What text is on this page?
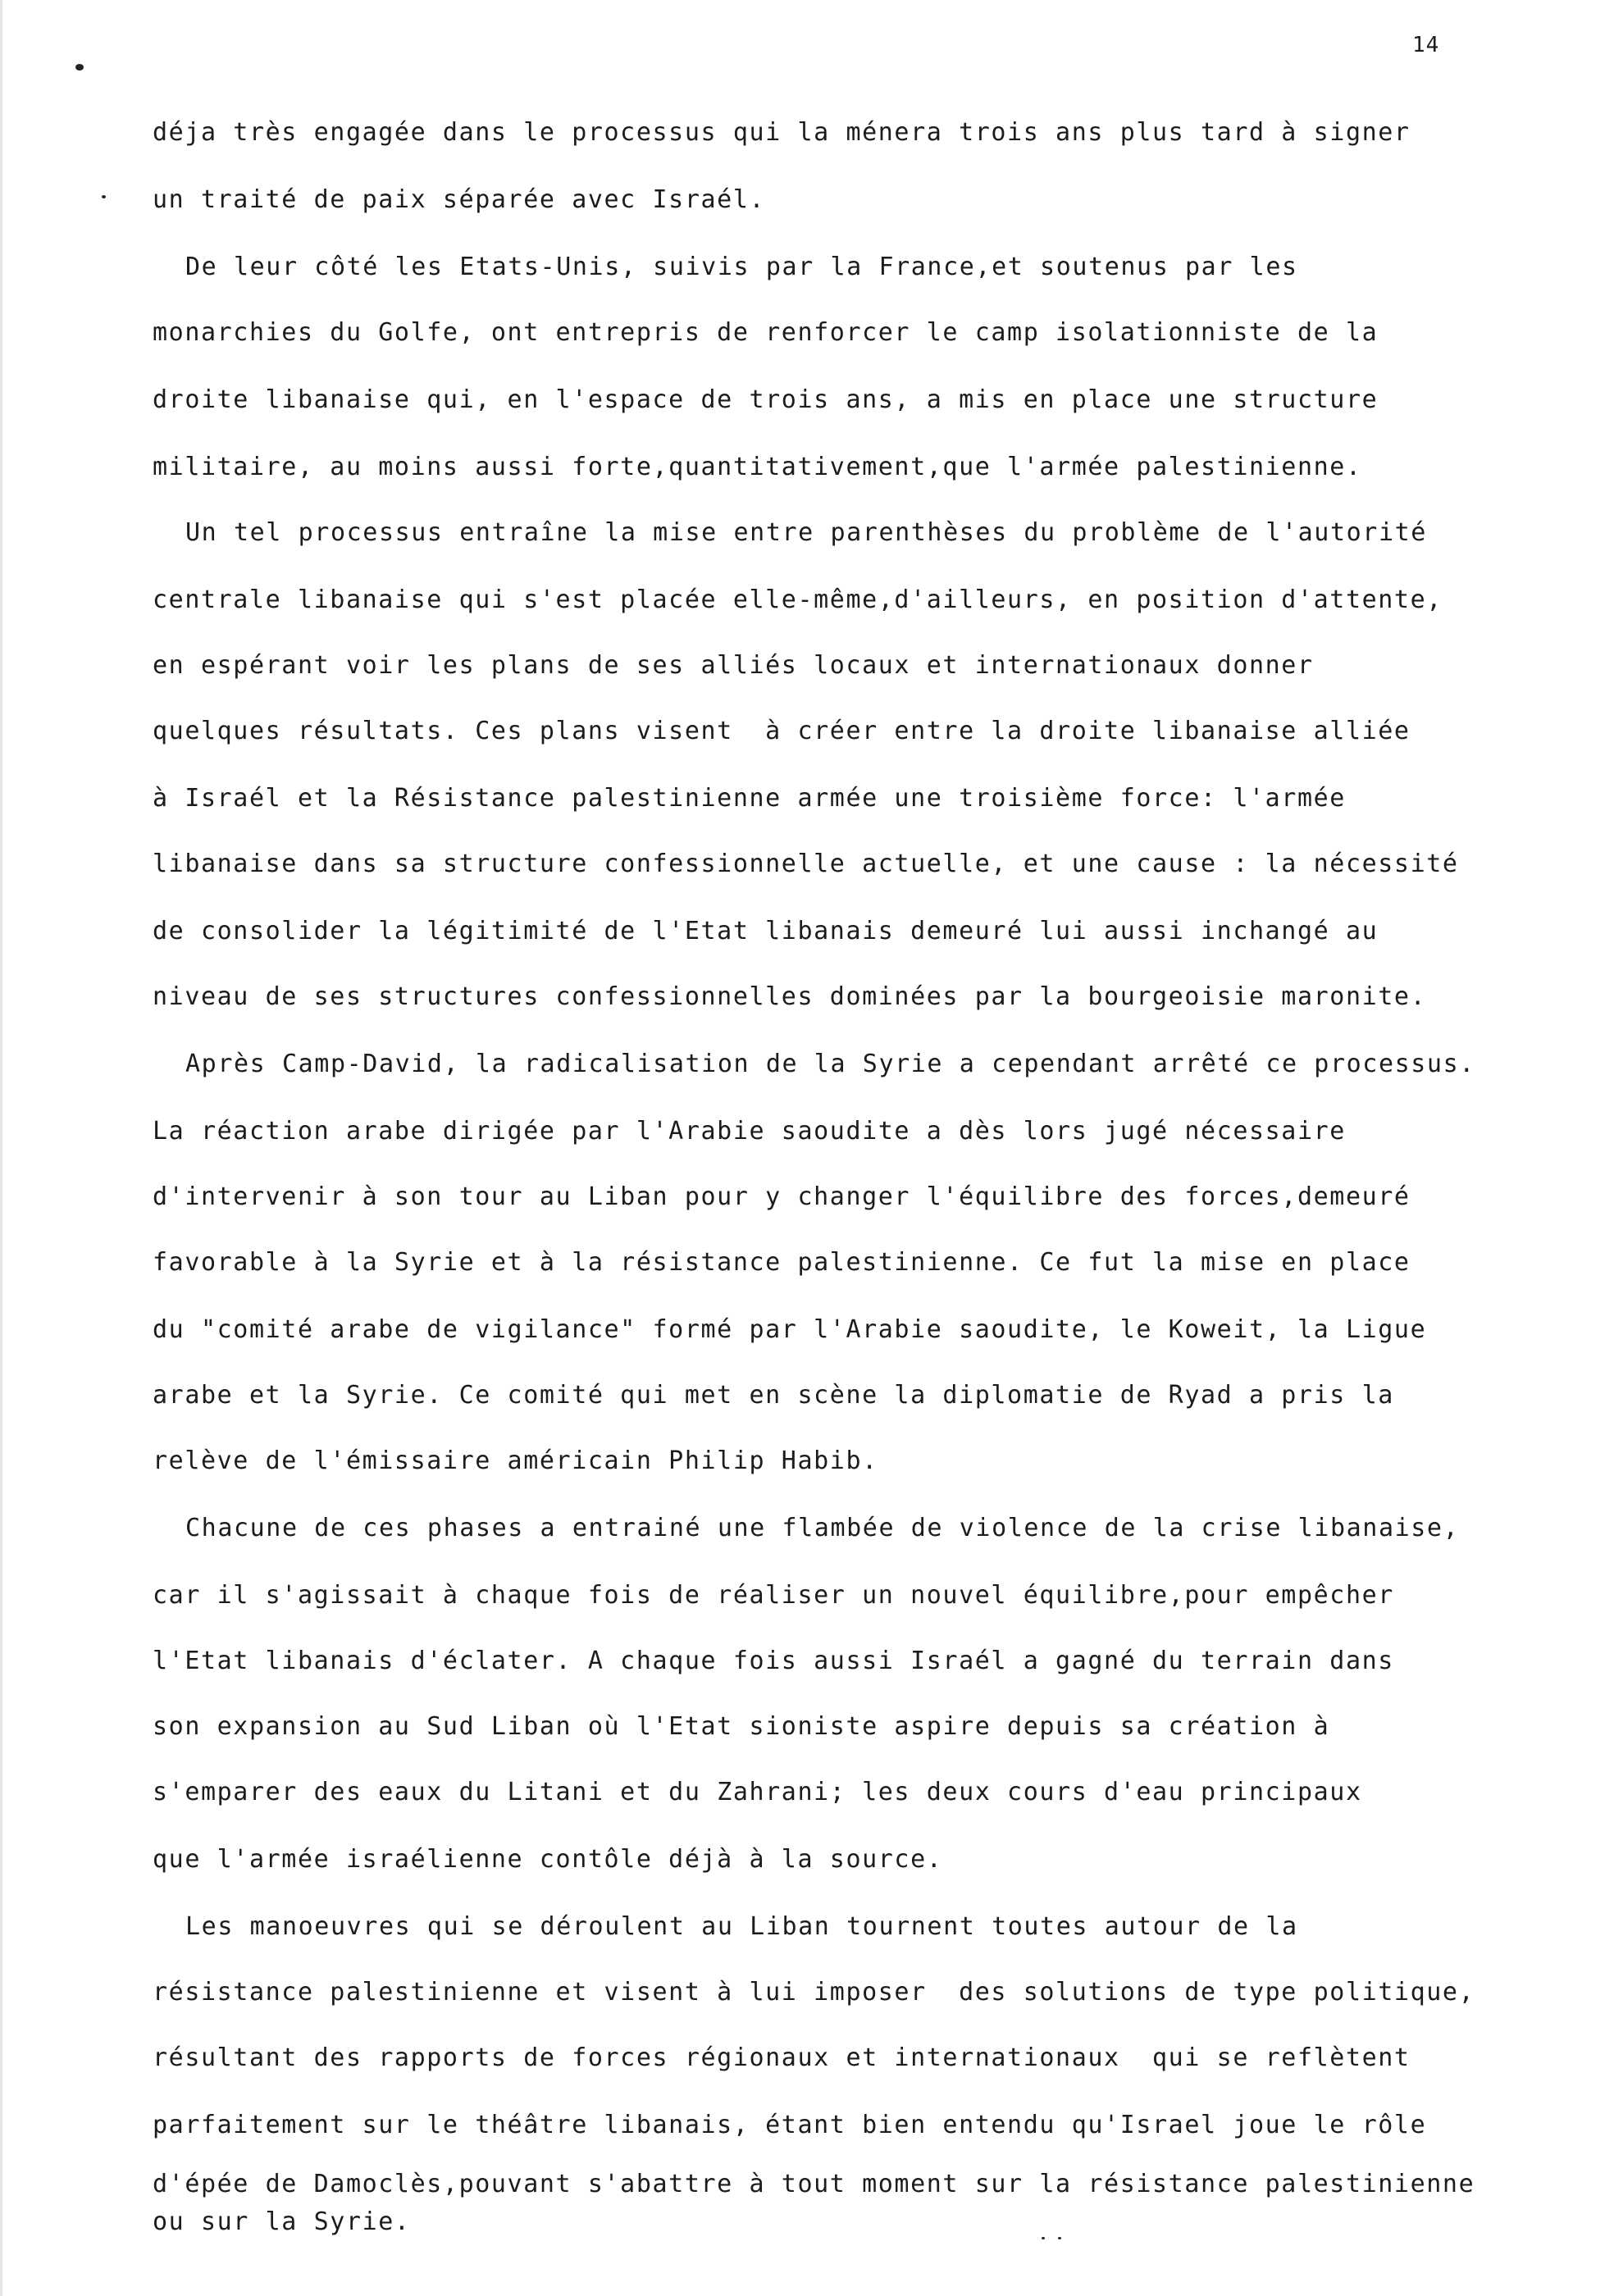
14
déja très engagée dans le processus qui la ménera trois ans plus tard à signer
un traité de paix séparée avec Israél.
De leur côté les Etats-Unis, suivis par la France,et soutenus par les
monarchies du Golfe, ont entrepris de renforcer le camp isolationniste de la
droite libanaise qui, en l'espace de trois ans, a mis en place une structure
militaire, au moins aussi forte,quantitativement,que l'armée palestinienne.
Un tel processus entraîne la mise entre parenthèses du problème de l'autorité
centrale libanaise qui s'est placée elle-même,d'ailleurs, en position d'attente,
en espérant voir les plans de ses alliés locaux et internationaux donner
quelques résultats. Ces plans visent  à créer entre la droite libanaise alliée
à Israél et la Résistance palestinienne armée une troisième force: l'armée
libanaise dans sa structure confessionnelle actuelle, et une cause : la nécessité
de consolider la légitimité de l'Etat libanais demeuré lui aussi inchangé au
niveau de ses structures confessionnelles dominées par la bourgeoisie maronite.
Après Camp-David, la radicalisation de la Syrie a cependant arrêté ce processus.
La réaction arabe dirigée par l'Arabie saoudite a dès lors jugé nécessaire
d'intervenir à son tour au Liban pour y changer l'équilibre des forces,demeuré
favorable à la Syrie et à la résistance palestinienne. Ce fut la mise en place
du "comité arabe de vigilance" formé par l'Arabie saoudite, le Koweit, la Ligue
arabe et la Syrie. Ce comité qui met en scène la diplomatie de Ryad a pris la
relève de l'émissaire américain Philip Habib.
Chacune de ces phases a entrainé une flambée de violence de la crise libanaise,
car il s'agissait à chaque fois de réaliser un nouvel équilibre,pour empêcher
l'Etat libanais d'éclater. A chaque fois aussi Israél a gagné du terrain dans
son expansion au Sud Liban où l'Etat sioniste aspire depuis sa création à
s'emparer des eaux du Litani et du Zahrani; les deux cours d'eau principaux
que l'armée israélienne contôle déjà à la source.
Les manoeuvres qui se déroulent au Liban tournent toutes autour de la
résistance palestinienne et visent à lui imposer  des solutions de type politique,
résultant des rapports de forces régionaux et internationaux  qui se reflètent
parfaitement sur le théâtre libanais, étant bien entendu qu'Israel joue le rôle
d'épée de Damoclès,pouvant s'abattre à tout moment sur la résistance palestinienne
ou sur la Syrie.
